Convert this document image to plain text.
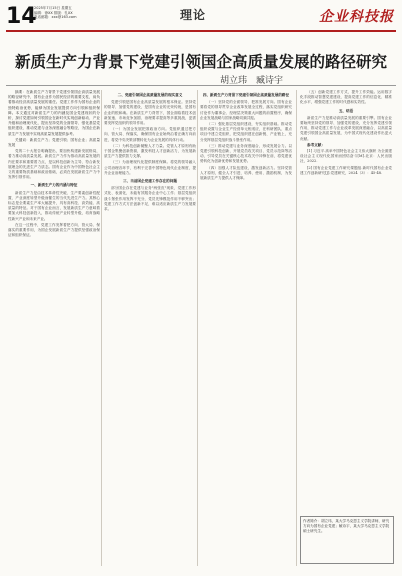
14
2025年7月15日 星期五
编辑：徐XX 排版：孔XX
电话邮箱：xxx@163.com	理论	企业科技报
新质生产力背景下党建引领国企高质量发展的路径研究
胡立玮　臧诗宇

摘要：在新质生产力背景下党建引领国企高质量发展的路径研究中，国有企业作为国民经济的重要支柱，肩负着推动经济高质量发展的重任。党建工作作为国有企业的独特政治优势，能够为国企发展提供方向引领和组织保障。本文通过对新质生产力的内涵及国企党建现状的分析，探讨党建如何引领国企在新时代实现创新驱动、产业升级和治理现代化，提出坚持党的全面领导、强化基层党组织建设、推动党建与业务深度融合等路径，为国企在新质生产力发展中实现高质量发展提供参考。

关键词：新质生产力；党建引领；国有企业；高质量发展

党的二十大报告明确提出，要加快构建新发展格局，着力推动高质量发展。新质生产力作为推动高质量发展的内在要求和重要着力点，是以科技创新为主导、符合新发展理念的先进生产力质态。国有企业作为中国特色社会主义的重要物质基础和政治基础，必须在发展新质生产力中发挥引领作用。

一、新质生产力的内涵与特征

新质生产力是由技术革命性突破、生产要素创新性配置、产业深度转型升级而催生的当代先进生产力。其核心标志是全要素生产率大幅提升，具有高科技、高效能、高质量的特征。对于国有企业而言，发展新质生产力意味着要加大科技创新投入，推动传统产业转型升级，培育战略性新兴产业和未来产业。

在这一过程中，党建工作发挥着把方向、管大局、保落实的重要作用，为国企发展新质生产力提供坚强政治保证和组织保证。

二、党建引领国企高质量发展的现实意义

党建引领是国有企业高质量发展的根本保证。坚持党的领导、加强党的建设，是国有企业的光荣传统，是国有企业的根和魂。在新质生产力背景下，国企面临着技术创新加速、市场竞争加剧、治理要求提高等多重挑战，更需要发挥党组织的领导作用。

（一）为国企发展把准政治方向。党组织通过把方向、管大局、保落实，确保国有企业始终沿着正确方向前进，将党中央决策部署转化为企业发展的具体行动。

（二）为科技创新凝聚人才力量。党管人才原则有助于国企集聚创新资源，激发科技人才创新活力，为发展新质生产力提供智力支撑。

（三）为治理现代化提供制度保障。将党的领导融入公司治理各环节，有利于完善中国特色现代企业制度，提升企业治理能力。

三、当前国企党建工作存在的问题

部分国企存在党建与业务"两张皮"现象，党建工作形式化、表面化，未能有效服务企业中心工作；基层党组织战斗堡垒作用发挥不充分，党员先锋模范作用不够突出；党建工作方式方法创新不足，难以适应新质生产力发展要求。

四、新质生产力背景下党建引领国企高质量发展的路径

（一）坚持党的全面领导，把准发展方向。国有企业要将党的领导贯穿企业改革发展全过程，落实党组织研究讨论作为董事会、经理层决策重大问题的前置程序，确保企业发展战略与国家战略同频共振。

（二）强化基层党组织建设，夯实组织基础。推动党组织设置与企业生产经营单元相适应，在科研团队、重点项目中建立党组织，把党组织建在创新链、产业链上，充分发挥基层党组织战斗堡垒作用。

（三）推动党建与业务深度融合，形成发展合力。以党建引领科技创新，开展党员攻关项目、党员示范岗等活动，引导党员在关键核心技术攻关中冲锋在前，将党建优势转化为创新优势和发展优势。

（四）加强人才队伍建设，激发创新活力。坚持党管人才原则，健全人才引进、培养、使用、激励机制，为发展新质生产力提供人才保障。

（五）创新党建工作方式，提升工作效能。运用数字化手段推动智慧党建建设，提高党建工作的信息化、精准化水平，增强党建工作的时代感和实效性。

五、结语

新质生产力是推动高质量发展的重要引擎。国有企业要始终坚持党的领导、加强党的建设，充分发挥党建引领作用，推动党建工作与企业改革发展深度融合，以高质量党建引领国企高质量发展，为中国式现代化建设作出更大贡献。

参考文献：

[1] 习近平.高举中国特色社会主义伟大旗帜 为全面建设社会主义现代化国家而团结奋斗[M].北京：人民出版社，2022.

[2] 国有企业党建工作研究课题组.新时代国有企业党建工作创新研究[J].党建研究，2024（3）：45-48.

作者简介：胡立玮，某大学马克思主义学院讲师，研究方向为国有企业党建；臧诗宇，某大学马克思主义学院硕士研究生。
